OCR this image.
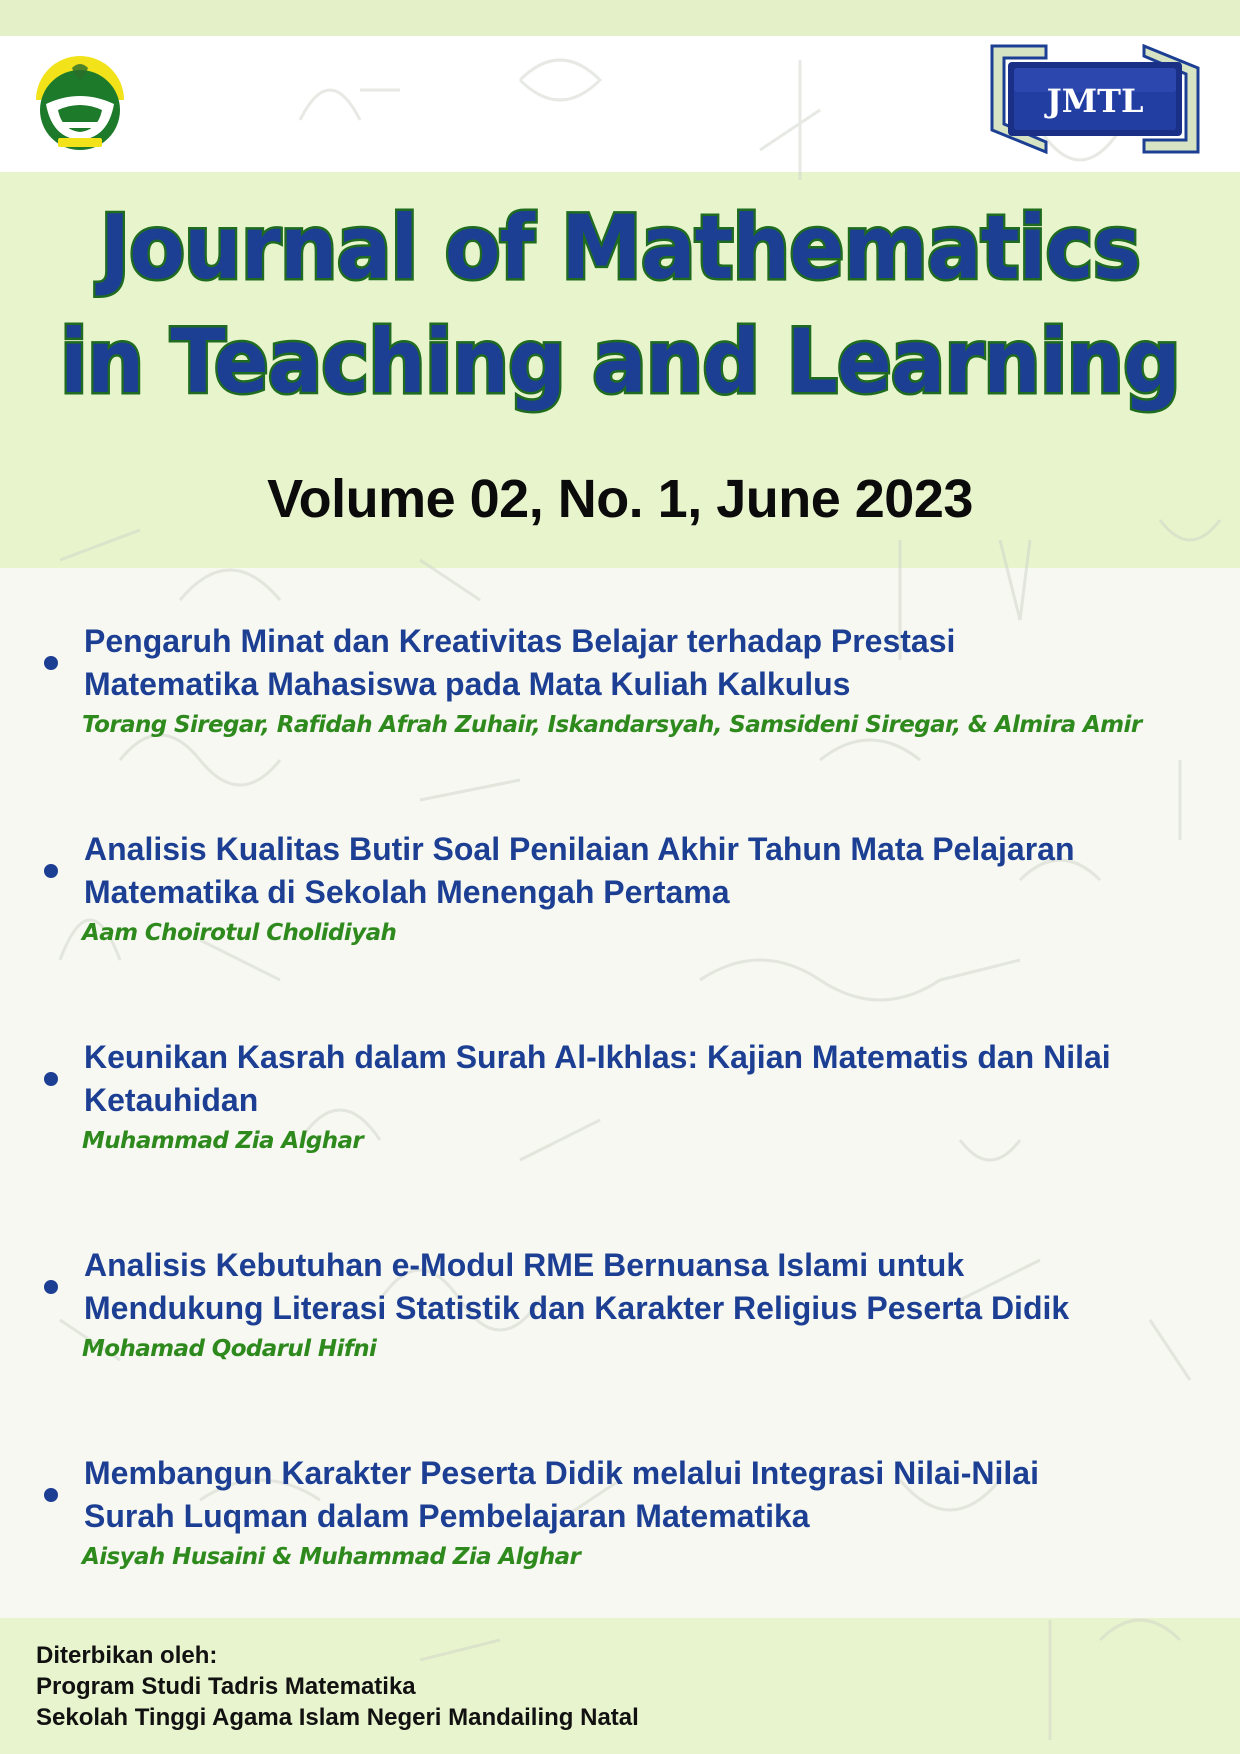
JMTL
Journal of Mathematics
in Teaching and Learning
Volume 02, No. 1, June 2023
Pengaruh Minat dan Kreativitas Belajar terhadap Prestasi
Matematika Mahasiswa pada Mata Kuliah Kalkulus
Torang Siregar, Rafidah Afrah Zuhair, Iskandarsyah, Samsideni Siregar, & Almira Amir
Analisis Kualitas Butir Soal Penilaian Akhir Tahun Mata Pelajaran
Matematika di Sekolah Menengah Pertama
Aam Choirotul Cholidiyah
Keunikan Kasrah dalam Surah Al-Ikhlas: Kajian Matematis dan Nilai
Ketauhidan
Muhammad Zia Alghar
Analisis Kebutuhan e-Modul RME Bernuansa Islami untuk
Mendukung Literasi Statistik dan Karakter Religius Peserta Didik
Mohamad Qodarul Hifni
Membangun Karakter Peserta Didik melalui Integrasi Nilai-Nilai
Surah Luqman dalam Pembelajaran Matematika
Aisyah Husaini & Muhammad Zia Alghar
Diterbikan oleh:
Program Studi Tadris Matematika
Sekolah Tinggi Agama Islam Negeri Mandailing Natal
